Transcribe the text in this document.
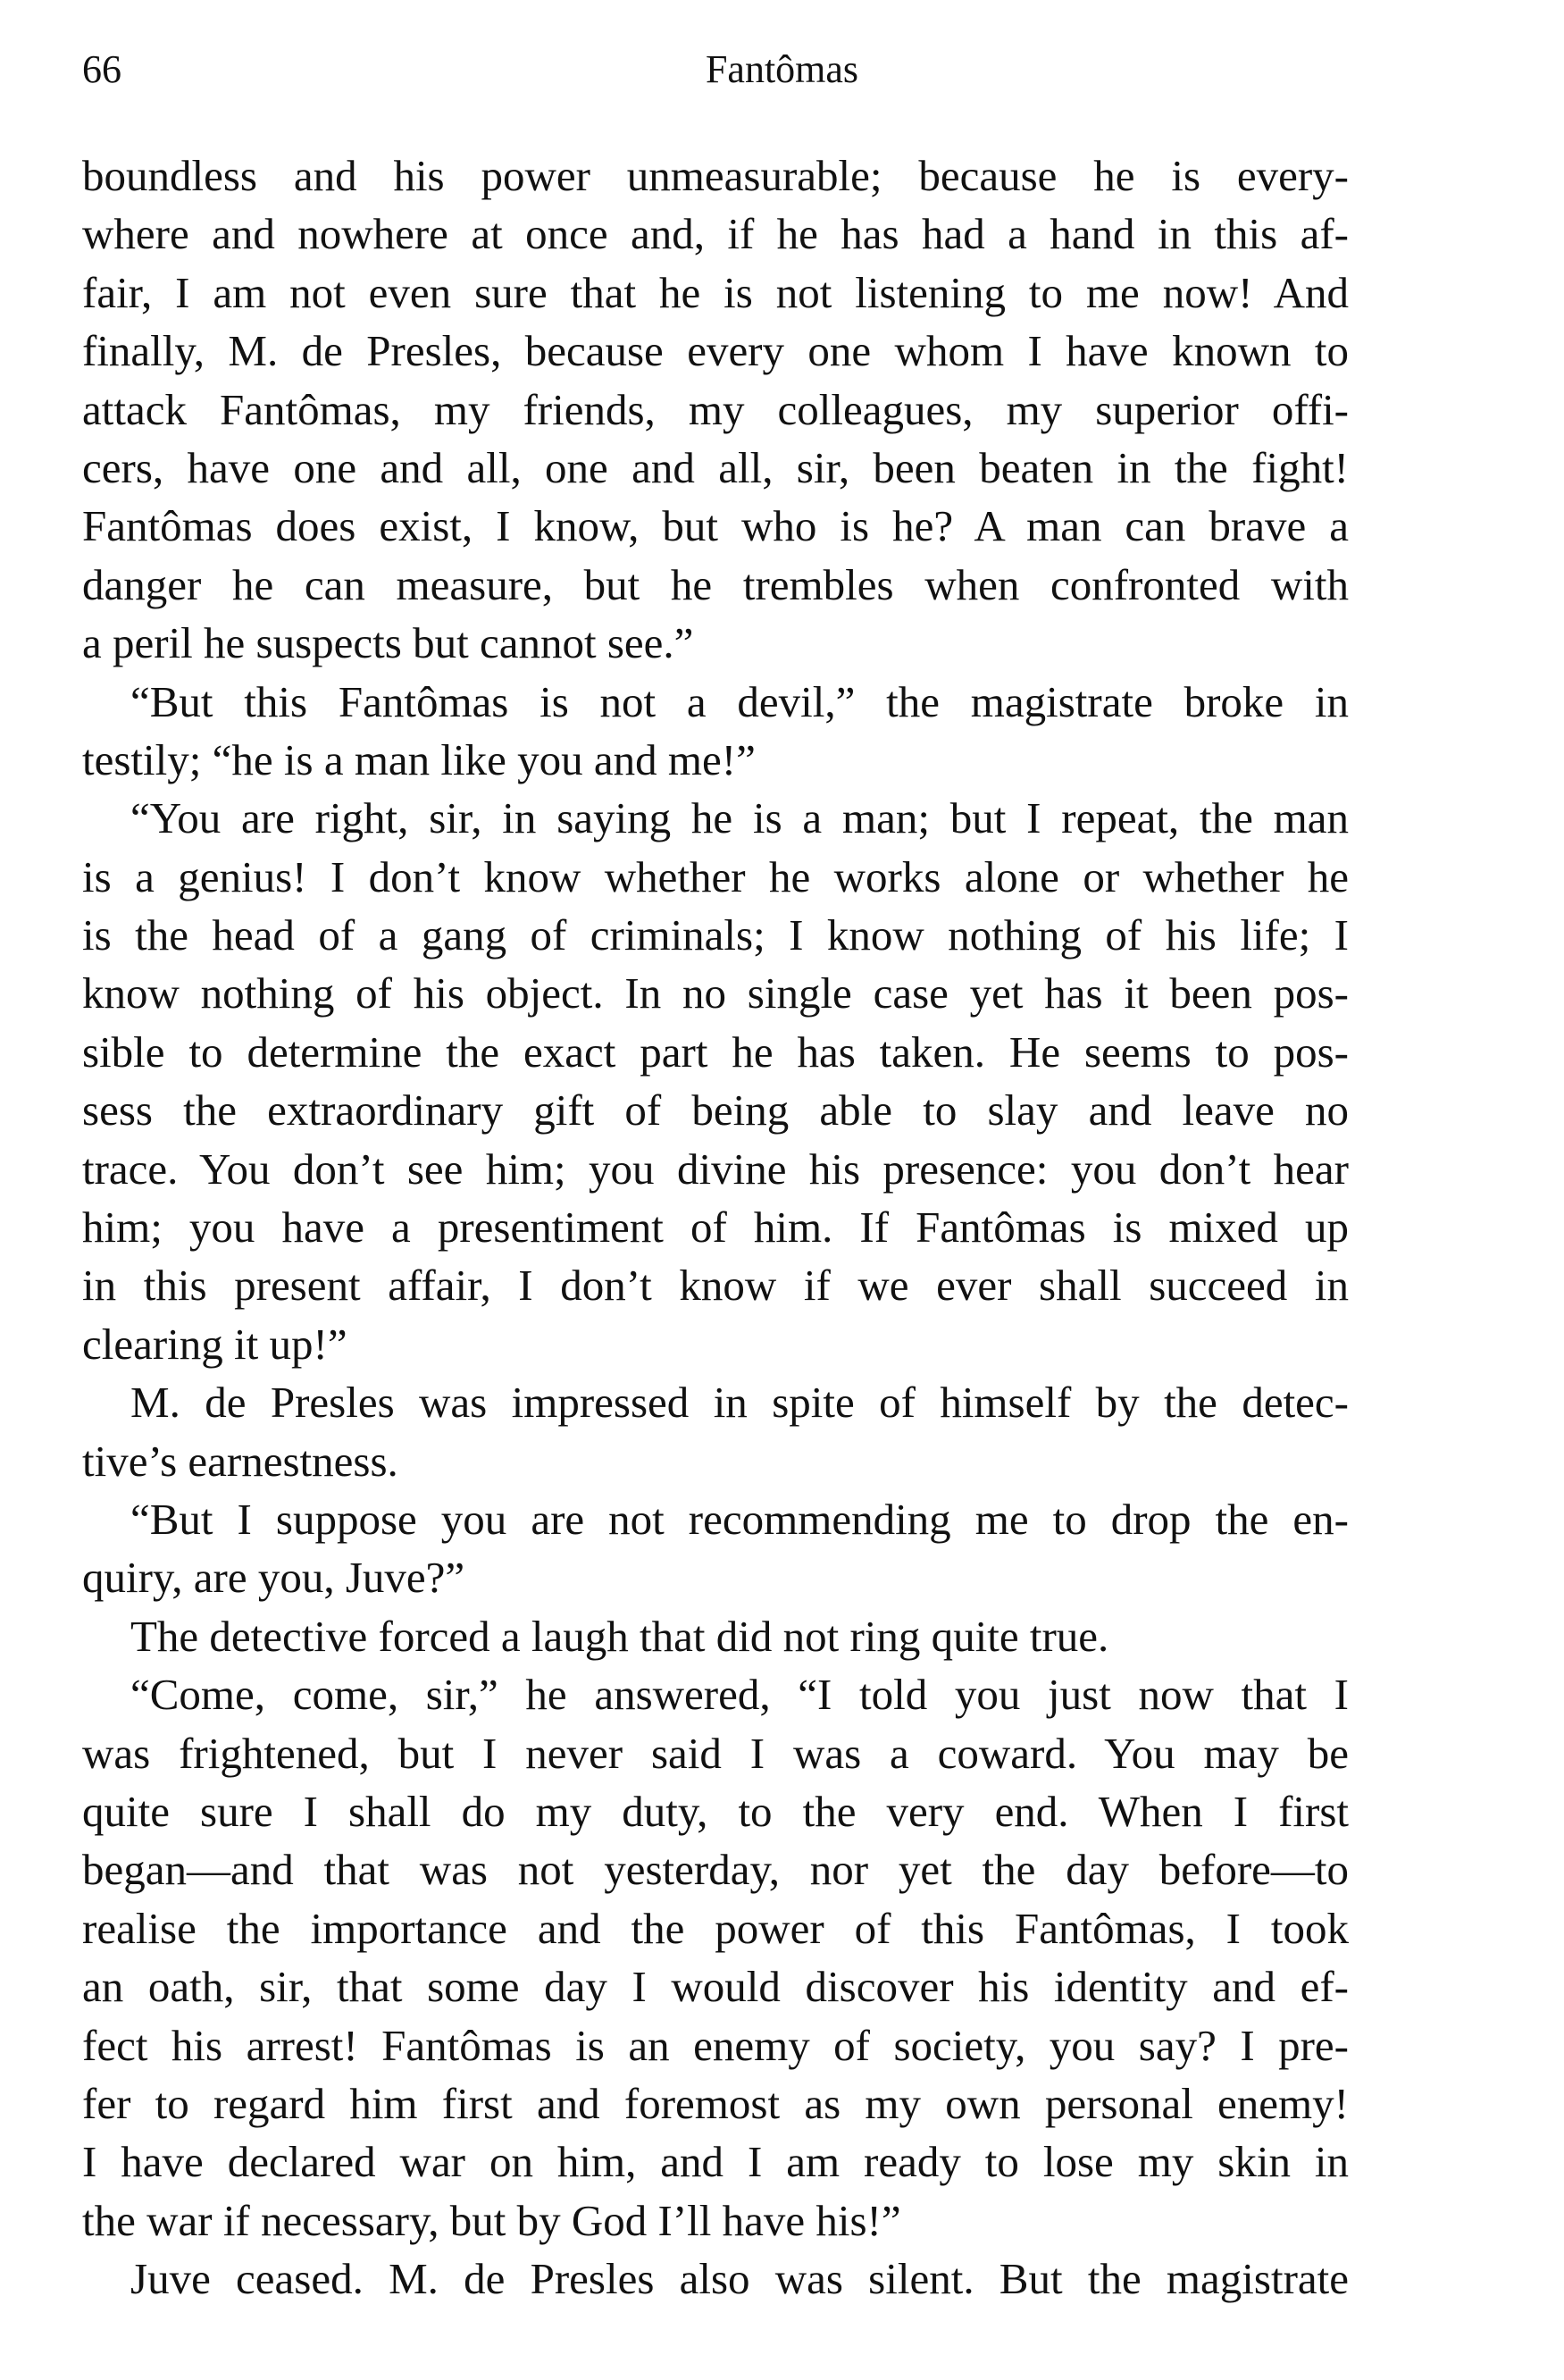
66	Fantômas
boundless and his power unmeasurable; because he is every-
where and nowhere at once and, if he has had a hand in this af-
fair, I am not even sure that he is not listening to me now! And
finally, M. de Presles, because every one whom I have known to
attack Fantômas, my friends, my colleagues, my superior offi-
cers, have one and all, one and all, sir, been beaten in the fight!
Fantômas does exist, I know, but who is he? A man can brave a
danger he can measure, but he trembles when confronted with
a peril he suspects but cannot see.”
“But this Fantômas is not a devil,” the magistrate broke in
testily; “he is a man like you and me!”
“You are right, sir, in saying he is a man; but I repeat, the man
is a genius! I don’t know whether he works alone or whether he
is the head of a gang of criminals; I know nothing of his life; I
know nothing of his object. In no single case yet has it been pos-
sible to determine the exact part he has taken. He seems to pos-
sess the extraordinary gift of being able to slay and leave no
trace. You don’t see him; you divine his presence: you don’t hear
him; you have a presentiment of him. If Fantômas is mixed up
in this present affair, I don’t know if we ever shall succeed in
clearing it up!”
M. de Presles was impressed in spite of himself by the detec-
tive’s earnestness.
“But I suppose you are not recommending me to drop the en-
quiry, are you, Juve?”
The detective forced a laugh that did not ring quite true.
“Come, come, sir,” he answered, “I told you just now that I
was frightened, but I never said I was a coward. You may be
quite sure I shall do my duty, to the very end. When I first
began—and that was not yesterday, nor yet the day before—to
realise the importance and the power of this Fantômas, I took
an oath, sir, that some day I would discover his identity and ef-
fect his arrest! Fantômas is an enemy of society, you say? I pre-
fer to regard him first and foremost as my own personal enemy!
I have declared war on him, and I am ready to lose my skin in
the war if necessary, but by God I’ll have his!”
Juve ceased. M. de Presles also was silent. But the magistrate
